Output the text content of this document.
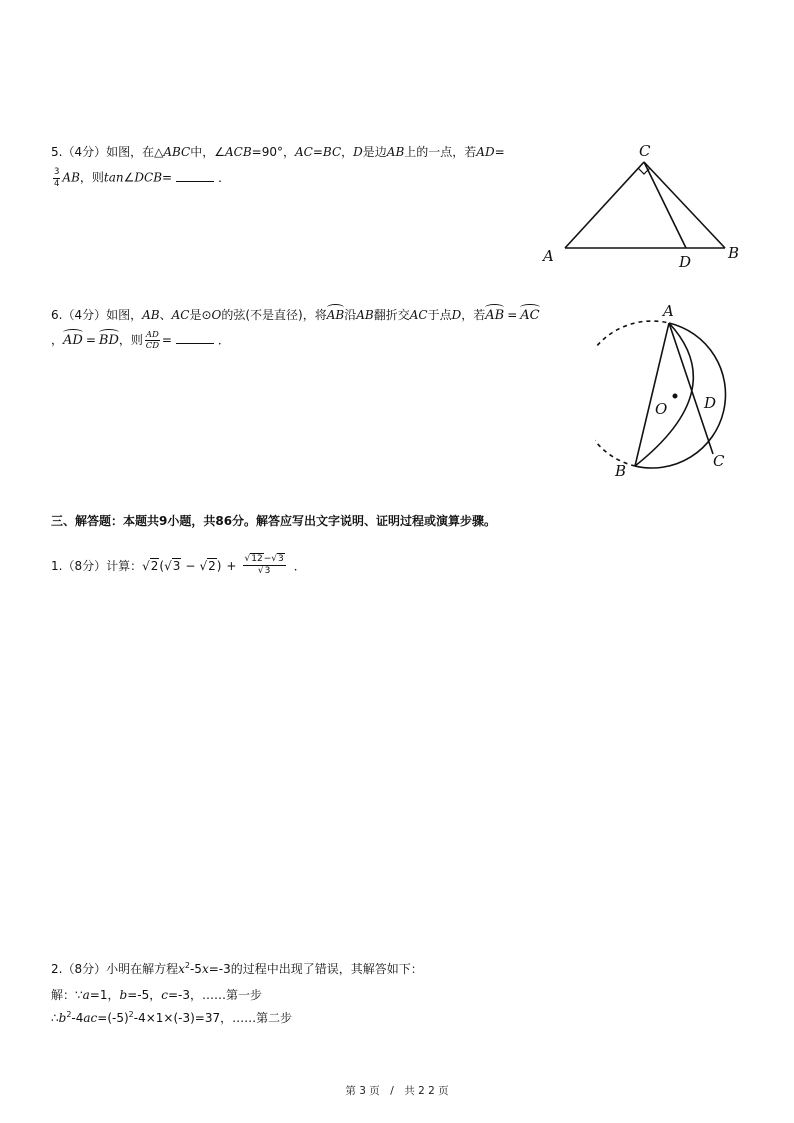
5.（4分）如图，在△ABC中，∠ACB=90°，AC=BC，D是边AB上的一点，若AD=
$\frac{3}{4}$ AB，则tan∠DCB=	．
C
A	D B
6.（4分）如图，AB、AC是⊙O的弦(不是直径)，将AB沿AB翻折交AC于点D，若AB = AC
，AD = BD，则 $\frac{AD}{CD}$ =	．
A
O D
B
C
三、解答题：本题共9小题，共86分。解答应写出文字说明、证明过程或演算步骤。
1.（8分）计算： √2 ( √3 − √2 ) + $\frac{√12-√3}{√3}$ ．
2.（8分）小明在解方程$x^2-5x=-3$的过程中出现了错误，其解答如下：
解：∵a=1，b=-5，c=-3，……第一步
$\therefore b^2-4ac=(-5)^2-4\times 1\times(-3)=37$，……第二步
第 3 页　/　共 2 2 页
